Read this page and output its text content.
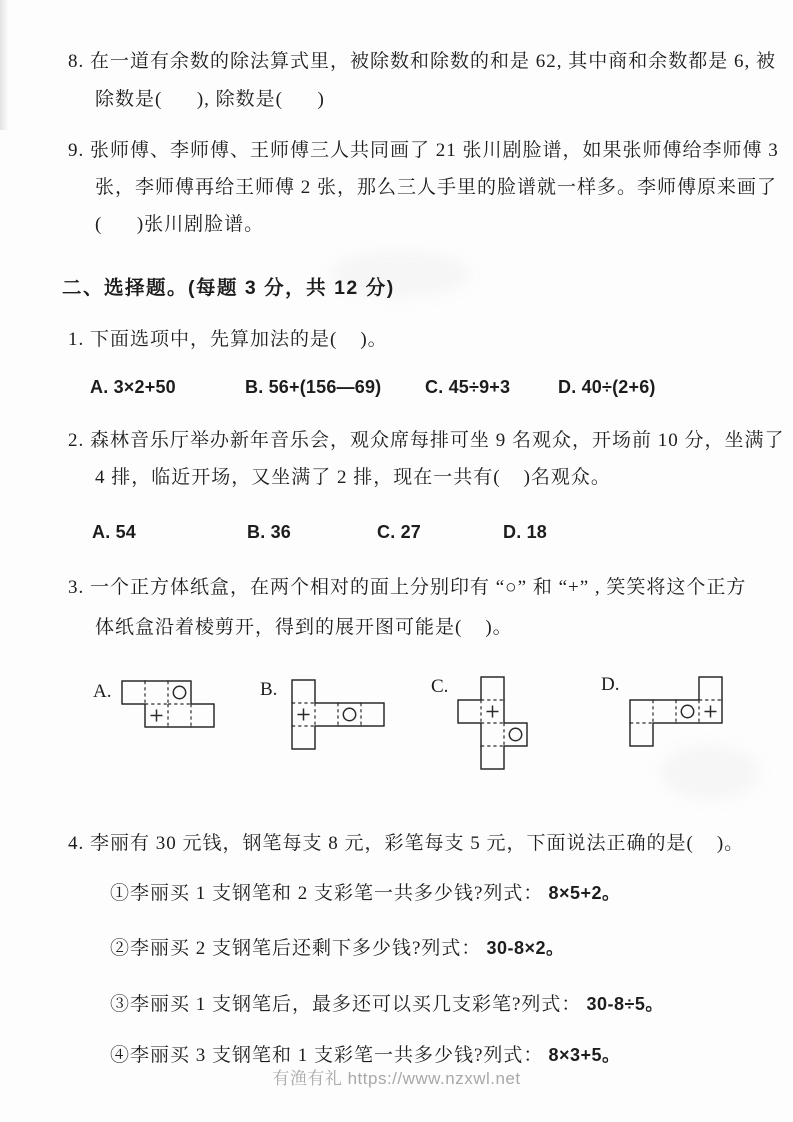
8. 在一道有余数的除法算式里，被除数和除数的和是 62, 其中商和余数都是 6, 被
除数是(      ), 除数是(      )
9. 张师傅、李师傅、王师傅三人共同画了 21 张川剧脸谱，如果张师傅给李师傅 3
张，李师傅再给王师傅 2 张，那么三人手里的脸谱就一样多。李师傅原来画了
(      )张川剧脸谱。
二、选择题。(每题 3 分，共 12 分)
1. 下面选项中，先算加法的是(    )。
A. 3×2+50	B. 56+(156—69) C. 45÷9+3	D. 40÷(2+6)
2. 森林音乐厅举办新年音乐会，观众席每排可坐 9 名观众，开场前 10 分，坐满了
4 排，临近开场，又坐满了 2 排，现在一共有(    )名观众。
A. 54	B. 36	C. 27	D. 18
3. 一个正方体纸盒，在两个相对的面上分别印有 “○” 和 “+” , 笑笑将这个正方
体纸盒沿着棱剪开，得到的展开图可能是(    )。
A.	B.	C.	D.
4. 李丽有 30 元钱，钢笔每支 8 元，彩笔每支 5 元，下面说法正确的是(    )。
①李丽买 1 支钢笔和 2 支彩笔一共多少钱?列式： 8×5+2。
②李丽买 2 支钢笔后还剩下多少钱?列式： 30-8×2。
③李丽买 1 支钢笔后，最多还可以买几支彩笔?列式： 30-8÷5。
④李丽买 3 支钢笔和 1 支彩笔一共多少钱?列式： 8×3+5。
有渔有礼 https://www.nzxwl.net
